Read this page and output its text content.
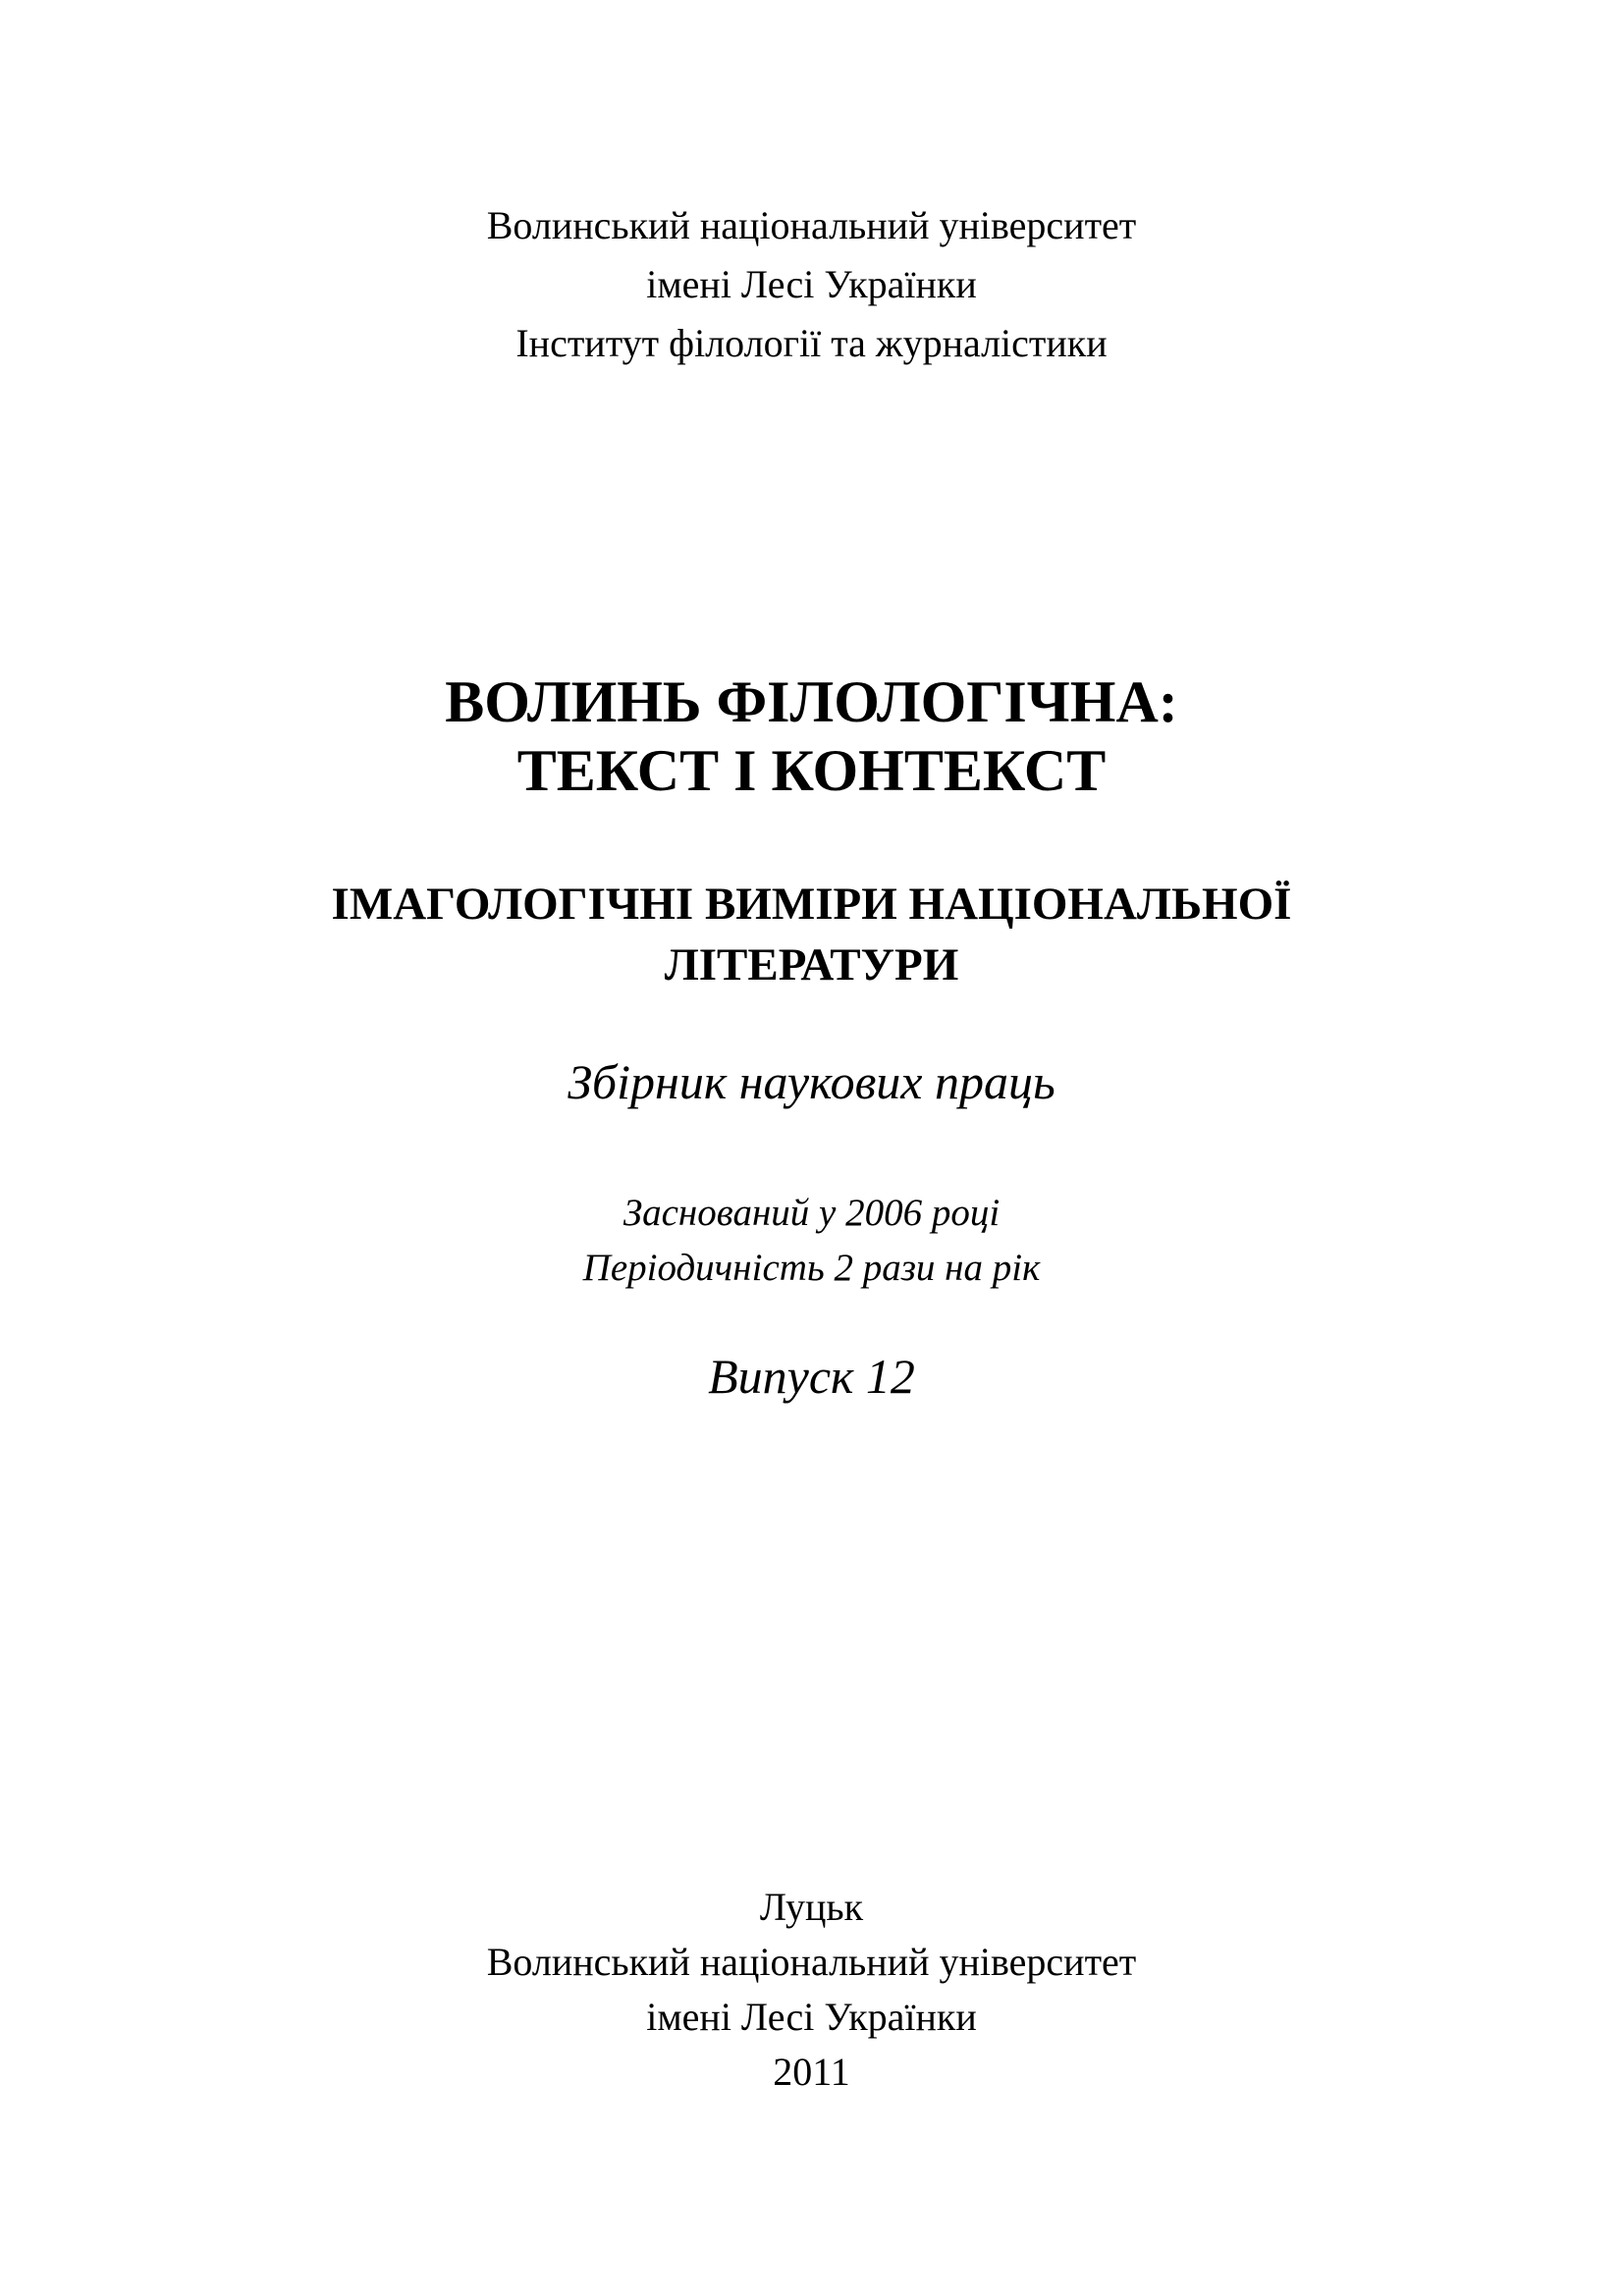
Волинський національний університет
імені Лесі Українки
Інститут філології та журналістики
ВОЛИНЬ ФІЛОЛОГІЧНА:
ТЕКСТ І КОНТЕКСТ
ІМАГОЛОГІЧНІ ВИМІРИ НАЦІОНАЛЬНОЇ
ЛІТЕРАТУРИ
Збірник наукових праць
Заснований у 2006 році
Періодичність 2 рази на рік
Випуск 12
Луцьк
Волинський національний університет
імені Лесі Українки
2011
